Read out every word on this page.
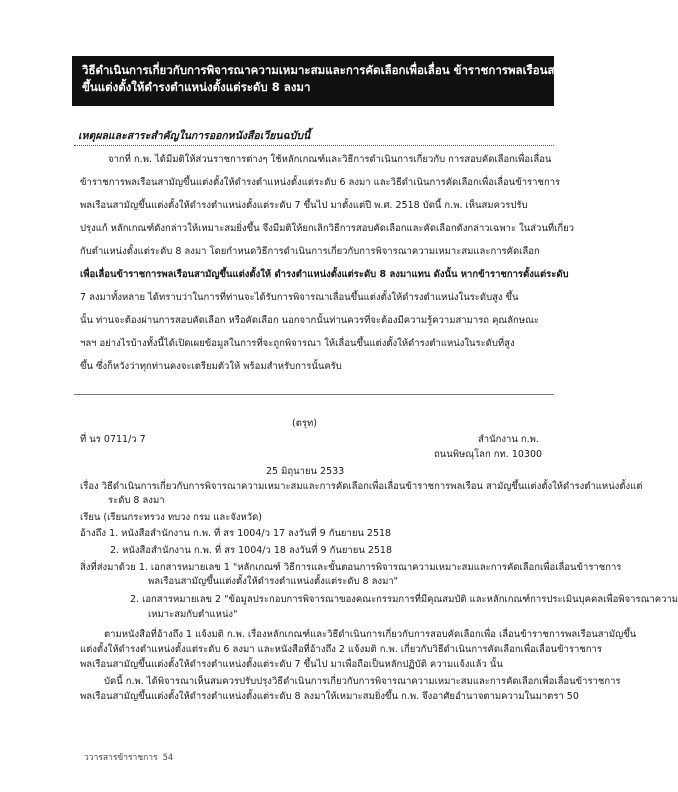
วิธีดำเนินการเกี่ยวกับการพิจารณาความเหมาะสมและการคัดเลือกเพื่อเลื่อน ข้าราชการพลเรือนสามัญ
ขึ้นแต่งตั้งให้ดำรงตำแหน่งตั้งแต่ระดับ 8 ลงมา
เหตุผลและสาระสำคัญในการออกหนังสือเวียนฉบับนี้
จากที่ ก.พ. ได้มีมติให้ส่วนราชการต่างๆ ใช้หลักเกณฑ์และวิธีการดำเนินการเกี่ยวกับ การสอบคัดเลือกเพื่อเลื่อน
ข้าราชการพลเรือนสามัญขึ้นแต่งตั้งให้ดำรงตำแหน่งตั้งแต่ระดับ 6 ลงมา และวิธีดำเนินการคัดเลือกเพื่อเลื่อนข้าราชการ
พลเรือนสามัญขึ้นแต่งตั้งให้ดำรงตำแหน่งตั้งแต่ระดับ 7 ขึ้นไป มาตั้งแต่ปี พ.ศ. 2518 บัดนี้ ก.พ. เห็นสมควรปรับ
ปรุงแก้ หลักเกณฑ์ดังกล่าวให้เหมาะสมยิ่งขึ้น จึงมีมติให้ยกเลิกวิธีการสอบคัดเลือกและคัดเลือกดังกล่าวเฉพาะ ในส่วนที่เกี่ยว
กับตำแหน่งตั้งแต่ระดับ 8 ลงมา โดยกำหนดวิธีการดำเนินการเกี่ยวกับการพิจารณาความเหมาะสมและการคัดเลือก
เพื่อเลื่อนข้าราชการพลเรือนสามัญขึ้นแต่งตั้งให้ ดำรงตำแหน่งตั้งแต่ระดับ 8 ลงมาแทน ดังนั้น หากข้าราชการตั้งแต่ระดับ
7 ลงมาทั้งหลาย ได้ทราบว่าในการที่ท่านจะได้รับการพิจารณาเลื่อนขึ้นแต่งตั้งให้ดำรงตำแหน่งในระดับสูง ขึ้น
นั้น ท่านจะต้องผ่านการสอบคัดเลือก หรือคัดเลือก นอกจากนั้นท่านควรที่จะต้องมีความรู้ความสามารถ คุณลักษณะ
ฯลฯ อย่างไรบ้างทั้งนี้ได้เปิดเผยข้อมูลในการที่จะถูกพิจารณา ให้เลื่อนขึ้นแต่งตั้งให้ดำรงตำแหน่งในระดับที่สูง
ขึ้น ซึ่งก็หวังว่าทุกท่านคงจะเตรียมตัวให้ พร้อมสำหรับการนั้นครับ
(ตรุท)
ที่ นร 0711/ว 7	สำนักงาน ก.พ.
ถนนพิษณุโลก กท. 10300
25 มิถุนายน 2533
เรื่อง วิธีดำเนินการเกี่ยวกับการพิจารณาความเหมาะสมและการคัดเลือกเพื่อเลื่อนข้าราชการพลเรือน สามัญขึ้นแต่งตั้งให้ดำรงตำแหน่งตั้งแต่
ระดับ 8 ลงมา
เรียน (เรียนกระทรวง ทบวง กรม และจังหวัด)
อ้างถึง 1. หนังสือสำนักงาน ก.พ. ที่ สร 1004/ว 17 ลงวันที่ 9 กันยายน 2518
2. หนังสือสำนักงาน ก.พ. ที่ สร 1004/ว 18 ลงวันที่ 9 กันยายน 2518
สิ่งที่ส่งมาด้วย 1. เอกสารหมายเลข 1 "หลักเกณฑ์ วิธีการและขั้นตอนการพิจารณาความเหมาะสมและการคัดเลือกเพื่อเลื่อนข้าราชการ
พลเรือนสามัญขึ้นแต่งตั้งให้ดำรงตำแหน่งตั้งแต่ระดับ 8 ลงมา"
2. เอกสารหมายเลข 2 "ข้อมูลประกอบการพิจารณาของคณะกรรมการที่มีคุณสมบัติ และหลักเกณฑ์การประเมินบุคคลเพื่อพิจารณาความ
เหมาะสมกับตำแหน่ง"
ตามหนังสือที่อ้างถึง 1 แจ้งมติ ก.พ. เรื่องหลักเกณฑ์และวิธีดำเนินการเกี่ยวกับการสอบคัดเลือกเพื่อ เลื่อนข้าราชการพลเรือนสามัญขึ้น
แต่งตั้งให้ดำรงตำแหน่งตั้งแต่ระดับ 6 ลงมา และหนังสือที่อ้างถึง 2 แจ้งมติ ก.พ. เกี่ยวกับวิธีดำเนินการคัดเลือกเพื่อเลื่อนข้าราชการ
พลเรือนสามัญขึ้นแต่งตั้งให้ดำรงตำแหน่งตั้งแต่ระดับ 7 ขึ้นไป มาเพื่อถือเป็นหลักปฏิบัติ ความแจ้งแล้ว นั้น
บัดนี้ ก.พ. ได้พิจารณาเห็นสมควรปรับปรุงวิธีดำเนินการเกี่ยวกับการพิจารณาความเหมาะสมและการคัดเลือกเพื่อเลื่อนข้าราชการ
พลเรือนสามัญขึ้นแต่งตั้งให้ดำรงตำแหน่งตั้งแต่ระดับ 8 ลงมาให้เหมาะสมยิ่งขึ้น ก.พ. จึงอาศัยอำนาจตามความในมาตรา 50
ววารสารข้าราชการ 54
